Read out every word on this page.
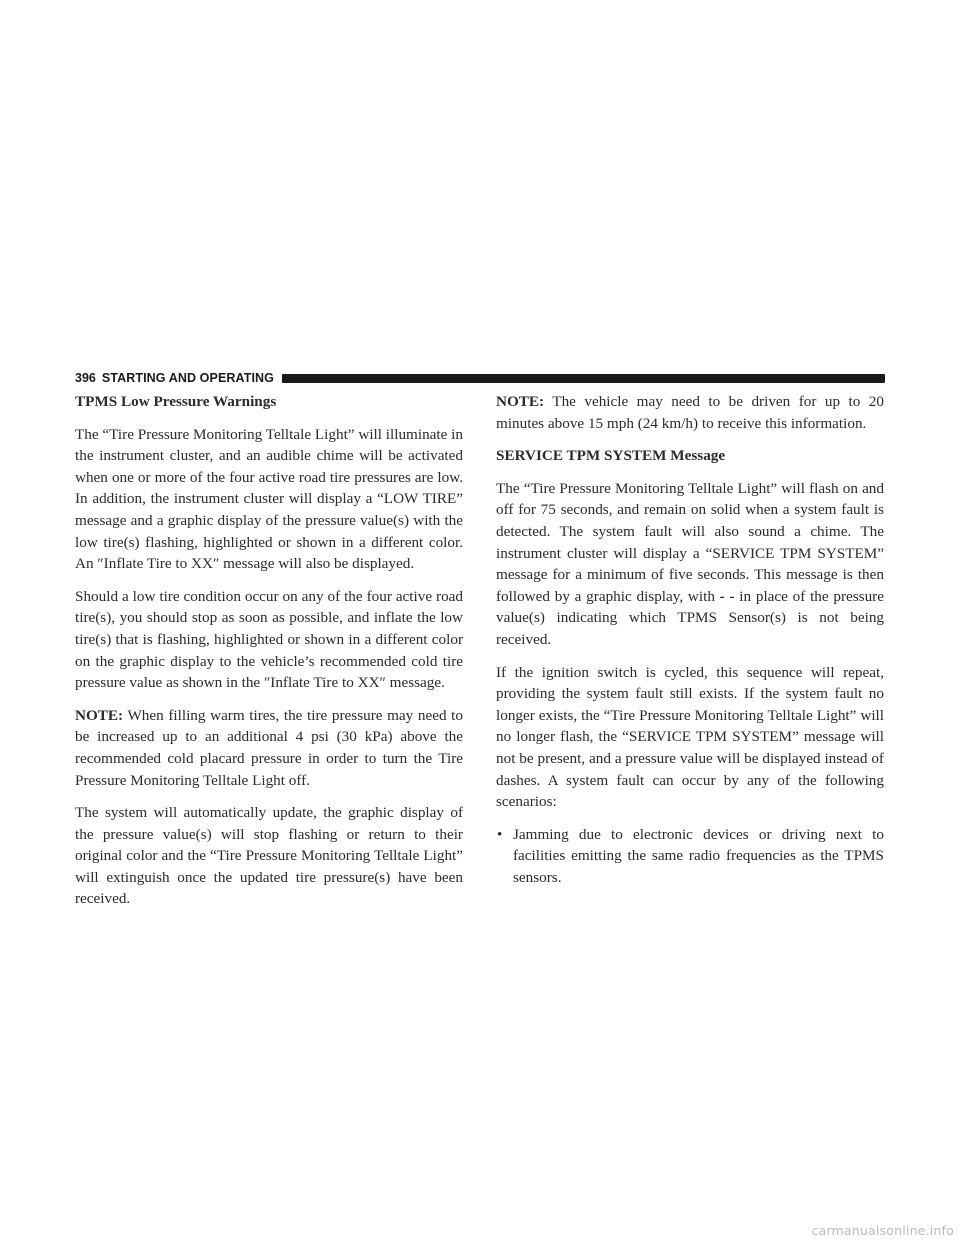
396 STARTING AND OPERATING
TPMS Low Pressure Warnings

The “Tire Pressure Monitoring Telltale Light” will illuminate in the instrument cluster, and an audible chime will be activated when one or more of the four active road tire pressures are low. In addition, the instrument cluster will display a “LOW TIRE” message and a graphic display of the pressure value(s) with the low tire(s) flashing, highlighted or shown in a different color. An ″Inflate Tire to XX″ message will also be displayed.

Should a low tire condition occur on any of the four active road tire(s), you should stop as soon as possible, and inflate the low tire(s) that is flashing, highlighted or shown in a different color on the graphic display to the vehicle’s recommended cold tire pressure value as shown in the ″Inflate Tire to XX″ message.

NOTE: When filling warm tires, the tire pressure may need to be increased up to an additional 4 psi (30 kPa) above the recommended cold placard pressure in order to turn the Tire Pressure Monitoring Telltale Light off.

The system will automatically update, the graphic display of the pressure value(s) will stop flashing or return to their original color and the “Tire Pressure Monitoring Telltale Light” will extinguish once the updated tire pressure(s) have been received.

NOTE: The vehicle may need to be driven for up to 20 minutes above 15 mph (24 km/h) to receive this information.

SERVICE TPM SYSTEM Message

The “Tire Pressure Monitoring Telltale Light” will flash on and off for 75 seconds, and remain on solid when a system fault is detected. The system fault will also sound a chime. The instrument cluster will display a “SERVICE TPM SYSTEM” message for a minimum of five seconds. This message is then followed by a graphic display, with - - in place of the pressure value(s) indicating which TPMS Sensor(s) is not being received.

If the ignition switch is cycled, this sequence will repeat, providing the system fault still exists. If the system fault no longer exists, the “Tire Pressure Monitoring Telltale Light” will no longer flash, the “SERVICE TPM SYSTEM” message will not be present, and a pressure value will be displayed instead of dashes. A system fault can occur by any of the following scenarios:

• Jamming due to electronic devices or driving next to facilities emitting the same radio frequencies as the TPMS sensors.
carmanualsonline.info
